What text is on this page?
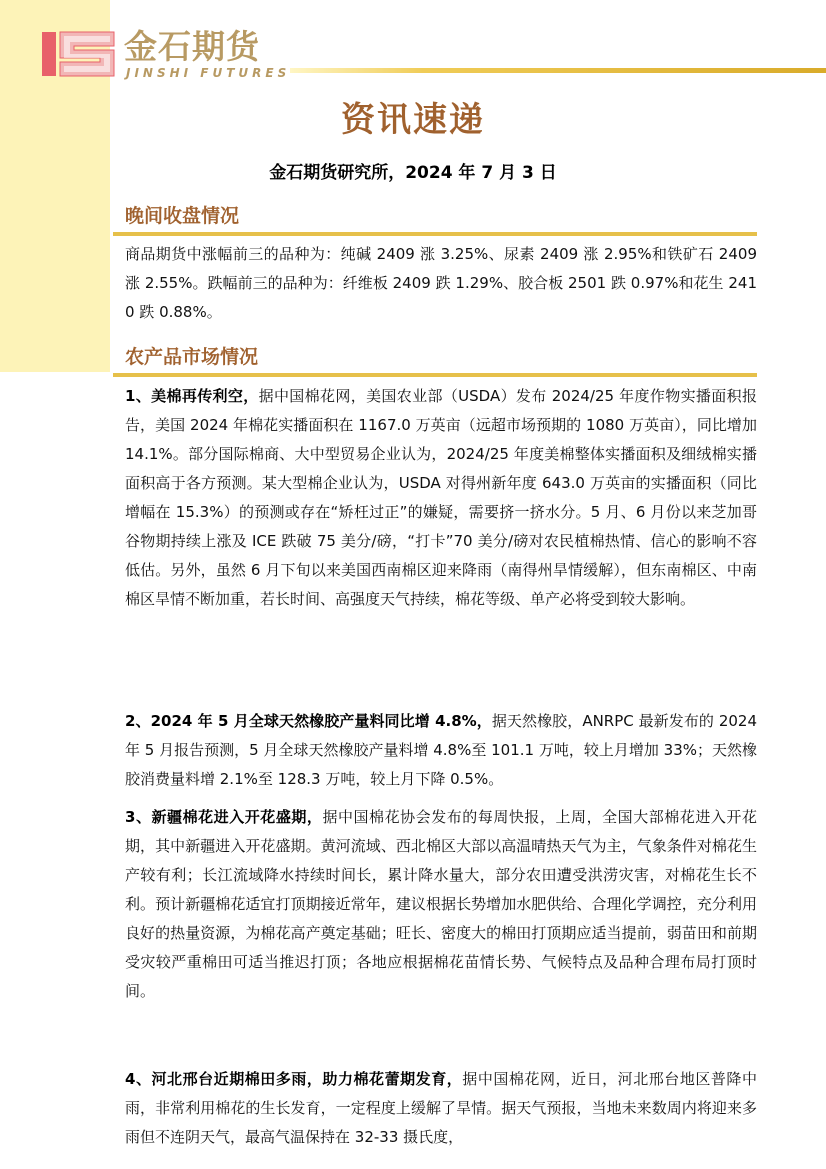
金石期货
JINSHI FUTURES
资讯速递
金石期货研究所，2024 年 7 月 3 日
晚间收盘情况
商品期货中涨幅前三的品种为：纯碱 2409 涨 3.25%、尿素 2409 涨 2.95%和铁矿石 2409 涨 2.55%。跌幅前三的品种为：纤维板 2409 跌 1.29%、胶合板 2501 跌 0.97%和花生 2410 跌 0.88%。
农产品市场情况
1、美棉再传利空，据中国棉花网，美国农业部（USDA）发布 2024/25 年度作物实播面积报告，美国 2024 年棉花实播面积在 1167.0 万英亩（远超市场预期的 1080 万英亩），同比增加 14.1%。部分国际棉商、大中型贸易企业认为，2024/25 年度美棉整体实播面积及细绒棉实播面积高于各方预测。某大型棉企业认为，USDA 对得州新年度 643.0 万英亩的实播面积（同比增幅在 15.3%）的预测或存在“矫枉过正”的嫌疑，需要挤一挤水分。5 月、6 月份以来芝加哥谷物期持续上涨及 ICE 跌破 75 美分/磅，“打卡”70 美分/磅对农民植棉热情、信心的影响不容低估。另外，虽然 6 月下旬以来美国西南棉区迎来降雨（南得州旱情缓解），但东南棉区、中南棉区旱情不断加重，若长时间、高强度天气持续，棉花等级、单产必将受到较大影响。
2、2024 年 5 月全球天然橡胶产量料同比增 4.8%，据天然橡胶，ANRPC 最新发布的 2024 年 5 月报告预测，5 月全球天然橡胶产量料增 4.8%至 101.1 万吨，较上月增加 33%；天然橡胶消费量料增 2.1%至 128.3 万吨，较上月下降 0.5%。
3、新疆棉花进入开花盛期，据中国棉花协会发布的每周快报，上周，全国大部棉花进入开花期，其中新疆进入开花盛期。黄河流域、西北棉区大部以高温晴热天气为主，气象条件对棉花生产较有利；长江流域降水持续时间长，累计降水量大，部分农田遭受洪涝灾害，对棉花生长不利。预计新疆棉花适宜打顶期接近常年，建议根据长势增加水肥供给、合理化学调控，充分利用良好的热量资源，为棉花高产奠定基础；旺长、密度大的棉田打顶期应适当提前，弱苗田和前期受灾较严重棉田可适当推迟打顶；各地应根据棉花苗情长势、气候特点及品种合理布局打顶时间。
4、河北邢台近期棉田多雨，助力棉花蕾期发育，据中国棉花网，近日，河北邢台地区普降中雨，非常利用棉花的生长发育，一定程度上缓解了旱情。据天气预报，当地未来数周内将迎来多雨但不连阴天气，最高气温保持在 32-33 摄氏度，
